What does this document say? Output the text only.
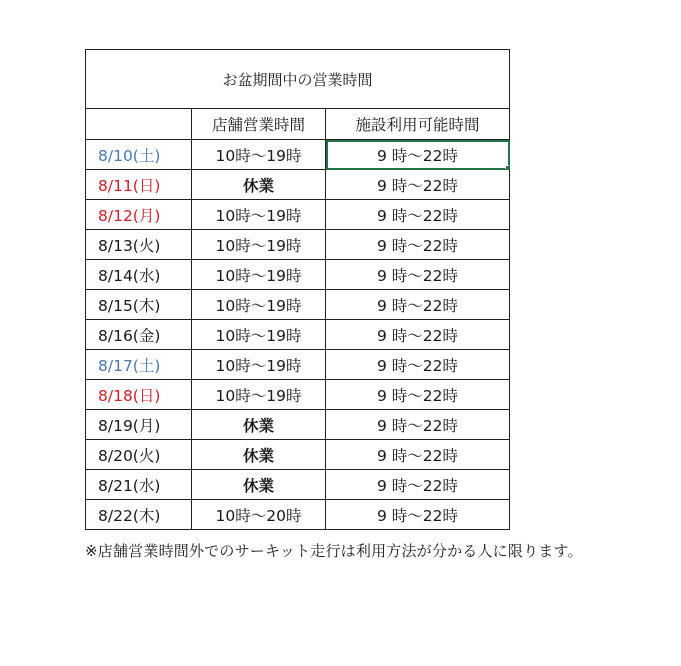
お盆期間中の営業時間		
	店舗営業時間	施設利用可能時間
8/10(土)	10時～19時	9 時～22時
8/11(日)	休業	9 時～22時
8/12(月)	10時～19時	9 時～22時
8/13(火)	10時～19時	9 時～22時
8/14(水)	10時～19時	9 時～22時
8/15(木)	10時～19時	9 時～22時
8/16(金)	10時～19時	9 時～22時
8/17(土)	10時～19時	9 時～22時
8/18(日)	10時～19時	9 時～22時
8/19(月)	休業	9 時～22時
8/20(火)	休業	9 時～22時
8/21(水)	休業	9 時～22時
8/22(木)	10時～20時	9 時～22時
※店舗営業時間外でのサーキット走行は利用方法が分かる人に限ります。
